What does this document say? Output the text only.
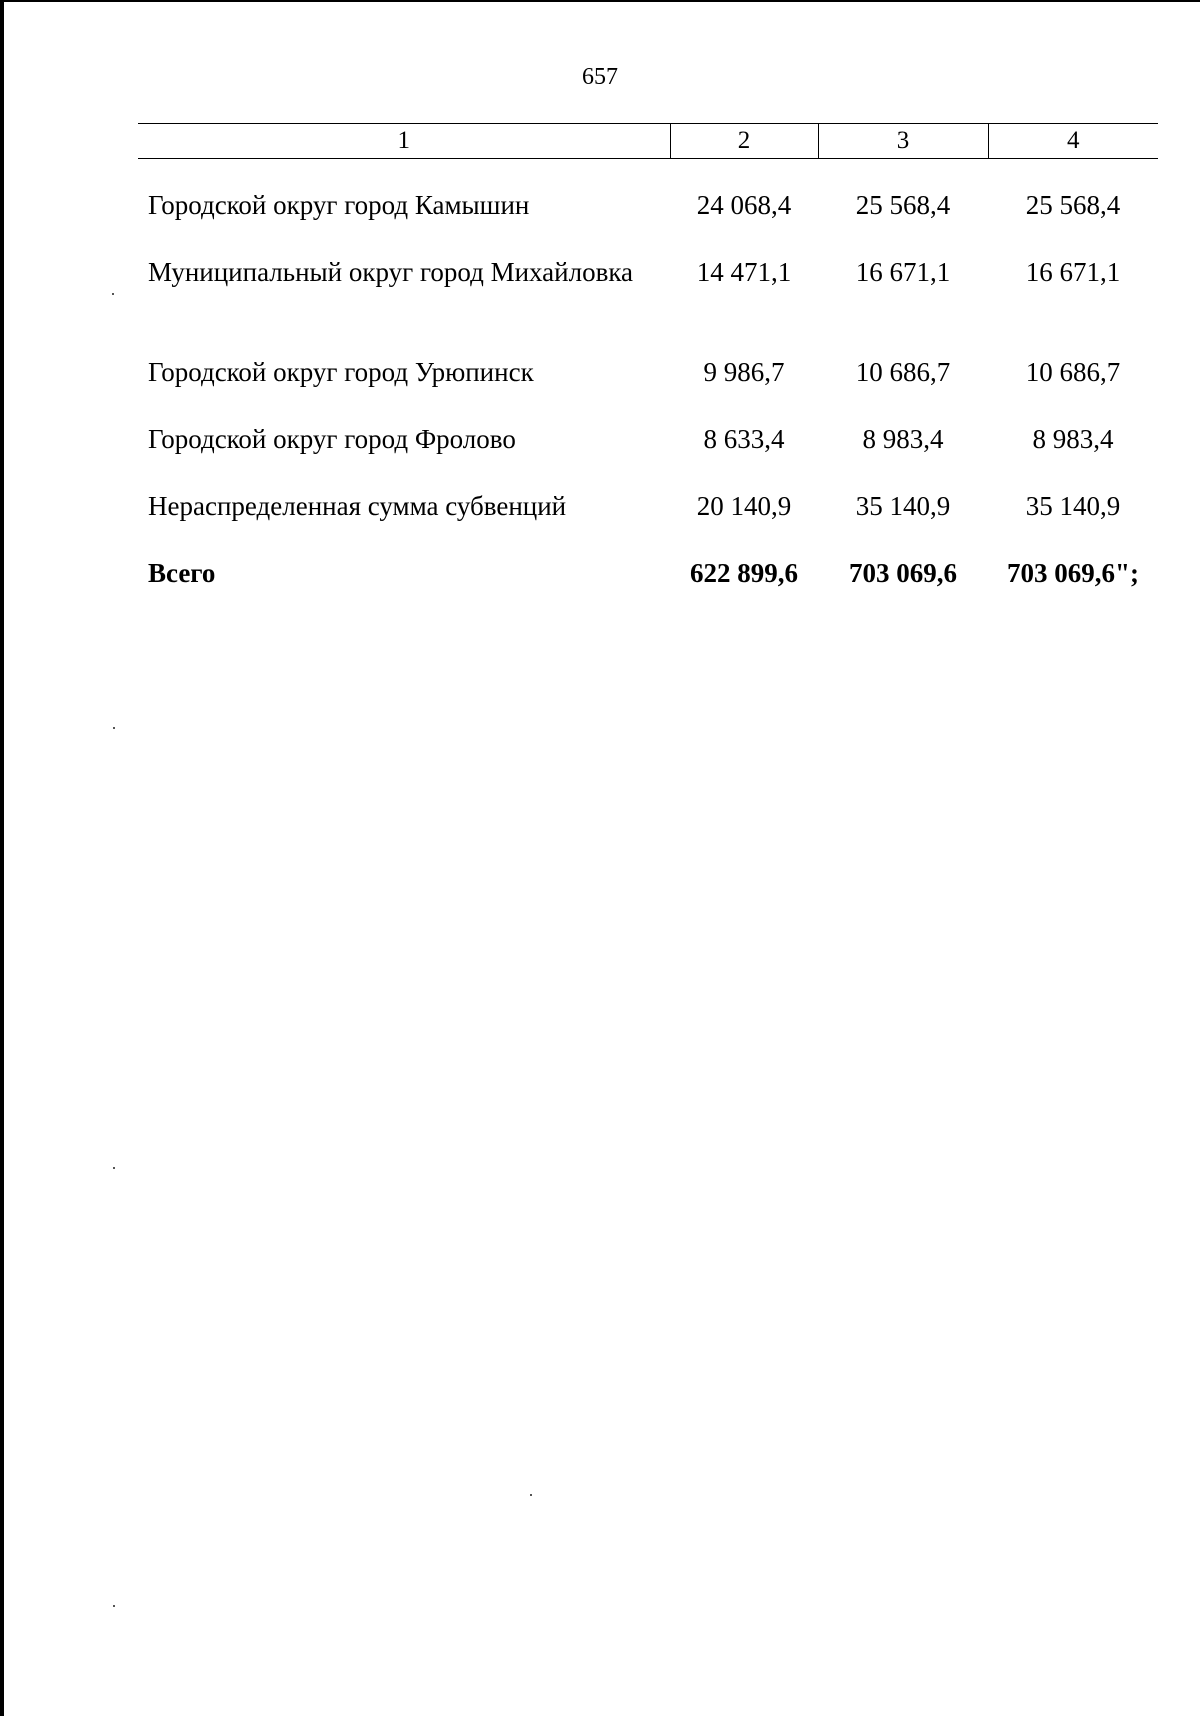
657
1	2	3	4

Городской округ город Камышин	24 068,4	25 568,4	25 568,4
Муниципальный округ город Михайловка	14 471,1	16 671,1	16 671,1
Городской округ город Урюпинск	9 986,7	10 686,7	10 686,7
Городской округ город Фролово	8 633,4	8 983,4	8 983,4
Нераспределенная сумма субвенций	20 140,9	35 140,9	35 140,9
Всего	622 899,6	703 069,6	703 069,6";
